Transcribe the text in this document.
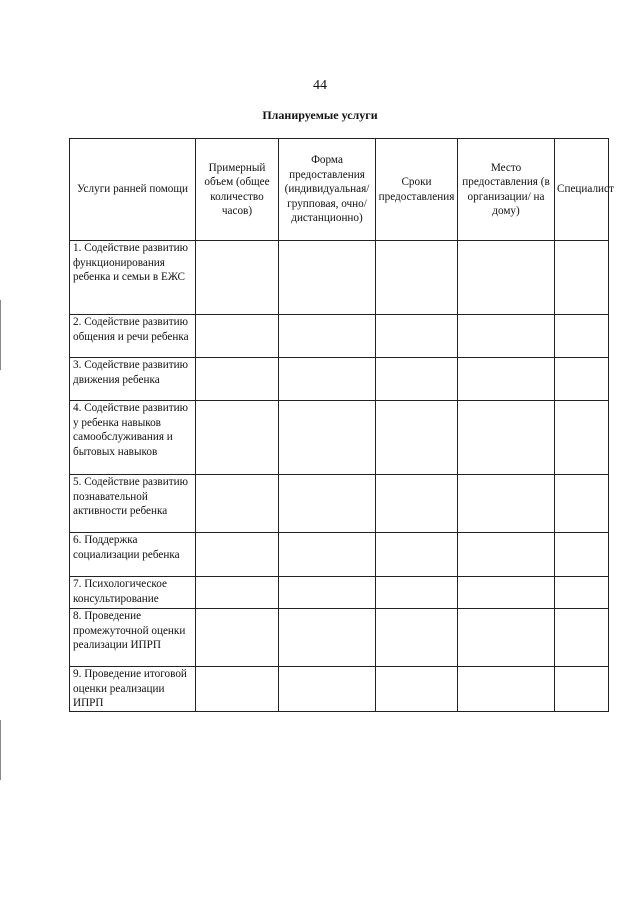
44
Планируемые услуги
Услуги ранней помощи	Примерный объем (общее количество часов)	Форма предоставления (индивидуальная/ групповая, очно/ дистанционно)	Сроки предоставления	Место предоставления (в организации/ на дому)	Специалист
1. Содействие развитию функционирования ребенка и семьи в ЕЖС					
2. Содействие развитию общения и речи ребенка					
3. Содействие развитию движения ребенка					
4. Содействие развитию у ребенка навыков самообслуживания и бытовых навыков					
5. Содействие развитию познавательной активности ребенка					
6. Поддержка социализации ребенка					
7. Психологическое консультирование					
8. Проведение промежуточной оценки реализации ИПРП					
9. Проведение итоговой оценки реализации ИПРП					
